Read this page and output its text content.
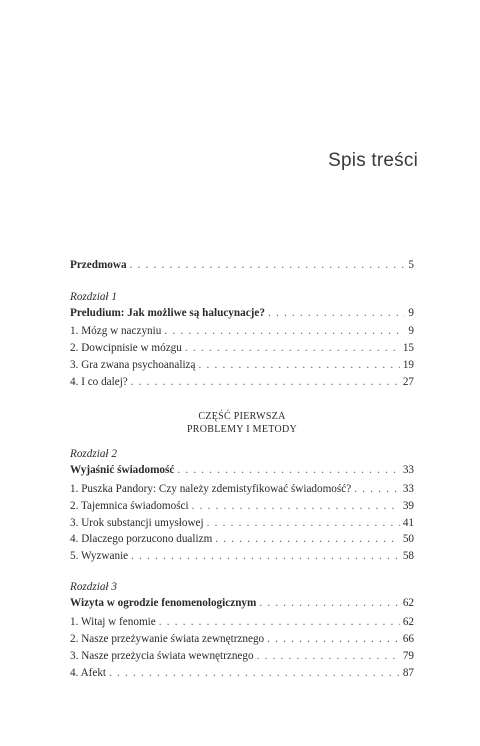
Spis treści
Przedmowa . . .	5
Rozdział 1
Preludium: Jak możliwe są halucynacje? . . .	9
1. Mózg w naczyniu . . .	9
2. Dowcipnisie w mózgu . . .	15
3. Gra zwana psychoanalizą . . .	19
4. I co dalej? . . .	27
CZĘŚĆ PIERWSZA
PROBLEMY I METODY
Rozdział 2
Wyjaśnić świadomość . . .	33
1. Puszka Pandory: Czy należy zdemistyfikować świadomość? . . .	33
2. Tajemnica świadomości . . .	39
3. Urok substancji umysłowej . . .	41
4. Dlaczego porzucono dualizm . . .	50
5. Wyzwanie . . .	58
Rozdział 3
Wizyta w ogrodzie fenomenologicznym . . .	62
1. Witaj w fenomie . . .	62
2. Nasze przeżywanie świata zewnętrznego . . .	66
3. Nasze przeżycia świata wewnętrznego . . .	79
4. Afekt . . .	87
